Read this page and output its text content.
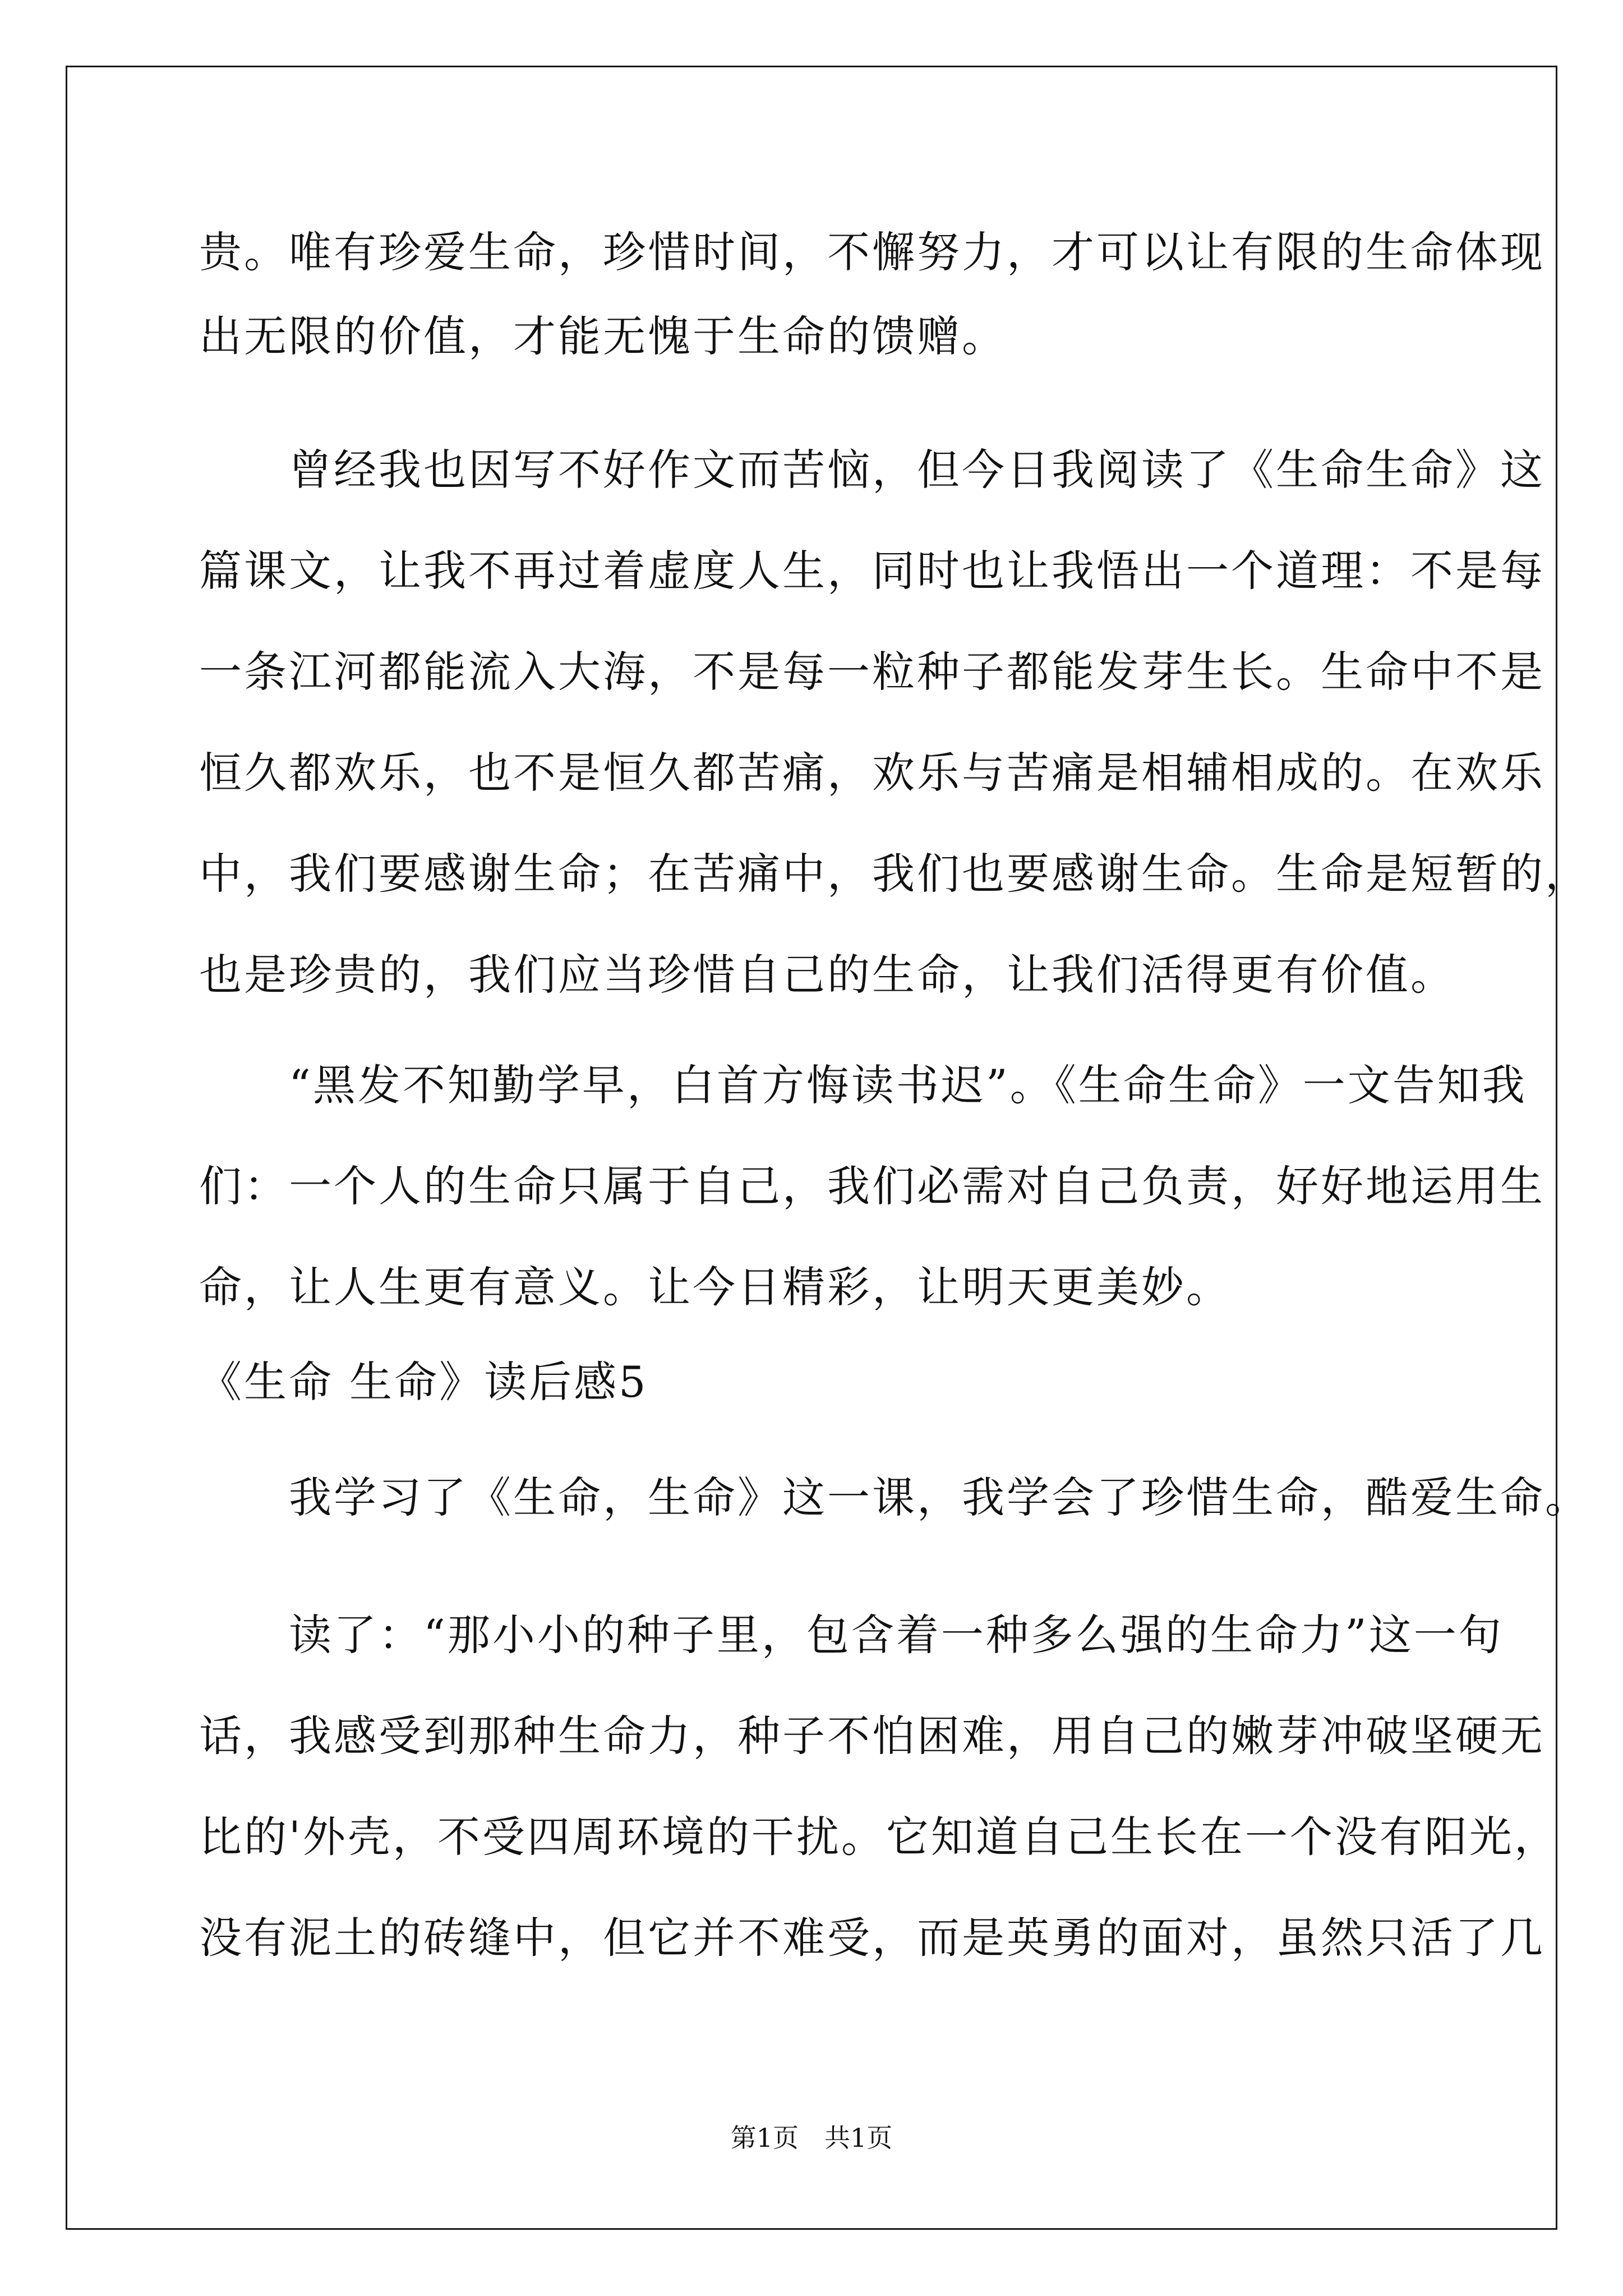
贵。唯有珍爱生命，珍惜时间，不懈努力，才可以让有限的生命体现
出无限的价值，才能无愧于生命的馈赠。
　　曾经我也因写不好作文而苦恼，但今日我阅读了《生命生命》这
篇课文，让我不再过着虚度人生，同时也让我悟出一个道理：不是每
一条江河都能流入大海，不是每一粒种子都能发芽生长。生命中不是
恒久都欢乐，也不是恒久都苦痛，欢乐与苦痛是相辅相成的。在欢乐
中，我们要感谢生命；在苦痛中，我们也要感谢生命。生命是短暂的，
也是珍贵的，我们应当珍惜自己的生命，让我们活得更有价值。
　　“黑发不知勤学早，白首方悔读书迟”。《生命生命》一文告知我
们：一个人的生命只属于自己，我们必需对自己负责，好好地运用生
命，让人生更有意义。让今日精彩，让明天更美妙。
《生命 生命》读后感5
　　我学习了《生命，生命》这一课，我学会了珍惜生命，酷爱生命。
　　读了：“那小小的种子里，包含着一种多么强的生命力”这一句
话，我感受到那种生命力，种子不怕困难，用自己的嫩芽冲破坚硬无
比的'外壳，不受四周环境的干扰。它知道自己生长在一个没有阳光，
没有泥土的砖缝中，但它并不难受，而是英勇的面对，虽然只活了几
第1页　共1页
